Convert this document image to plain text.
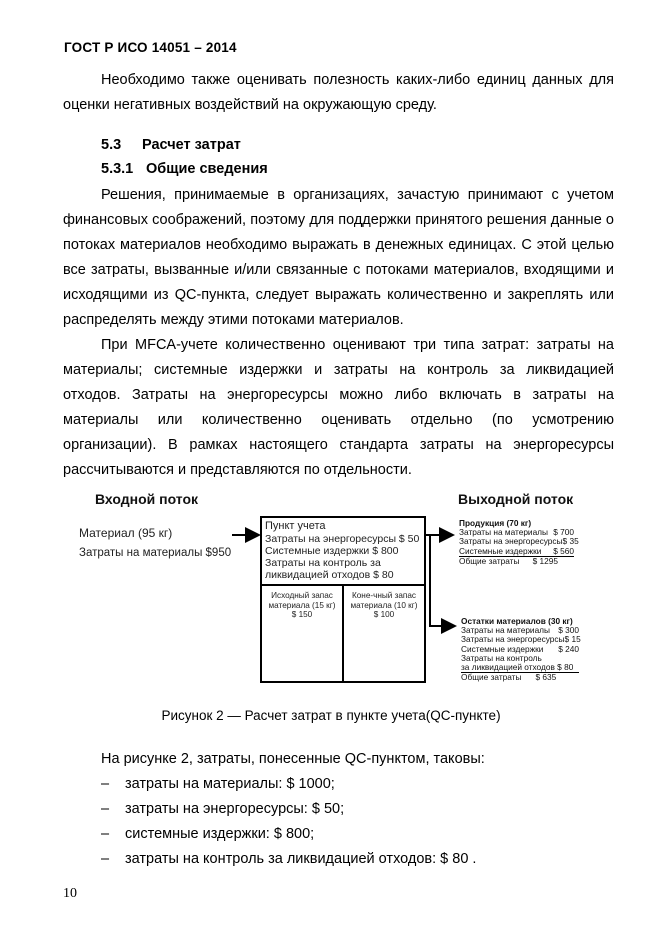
ГОСТ Р ИСО 14051 – 2014

Необходимо также оценивать полезность каких-либо единиц данных для оценки негативных воздействий на окружающую среду.

5.3 Расчет затрат
5.3.1 Общие сведения

Решения, принимаемые в организациях, зачастую принимают с учетом финансовых соображений, поэтому для поддержки принятого решения данные о потоках материалов необходимо выражать в денежных единицах. С этой целью все затраты, вызванные и/или связанные с потоками материалов, входящими и исходящими из QC-пункта, следует выражать количественно и закреплять или распределять между этими потоками материалов.

При MFCA-учете количественно оценивают три типа затрат: затраты на материалы; системные издержки и затраты на контроль за ликвидацией отходов. Затраты на энергоресурсы можно либо включать в затраты на материалы или количественно оценивать отдельно (по усмотрению организации). В рамках настоящего стандарта затраты на энергоресурсы рассчитываются и представляются по отдельности.

Входной поток	Выходной поток
Материал (95 кг)
Затраты на материалы $950
Пункт учета
Затраты на энергоресурсы $ 50
Системные издержки $ 800
Затраты на контроль за
ликвидацией отходов $ 80
Исходный запас
материала (15 кг)
$ 150
Коне-чный запас
материала (10 кг)
$ 100
Продукция (70 кг)
Затраты на материалы $ 700
Затраты на энергоресурсы $ 35
Системные издержки $ 560
Общие затраты $ 1295
Остатки материалов (30 кг)
Затраты на материалы $ 300
Затраты на энергоресурсы $ 15
Системные издержки $ 240
Затраты на контроль
за ликвидацией отходов $ 80
Общие затраты $ 635
Рисунок 2 — Расчет затрат в пункте учета(QC-пункте)
На рисунке 2, затраты, понесенные QC-пунктом, таковы:
– затраты на материалы: $ 1000;
– затраты на энергоресурсы: $ 50;
– системные издержки: $ 800;
– затраты на контроль за ликвидацией отходов: $ 80 .
10
